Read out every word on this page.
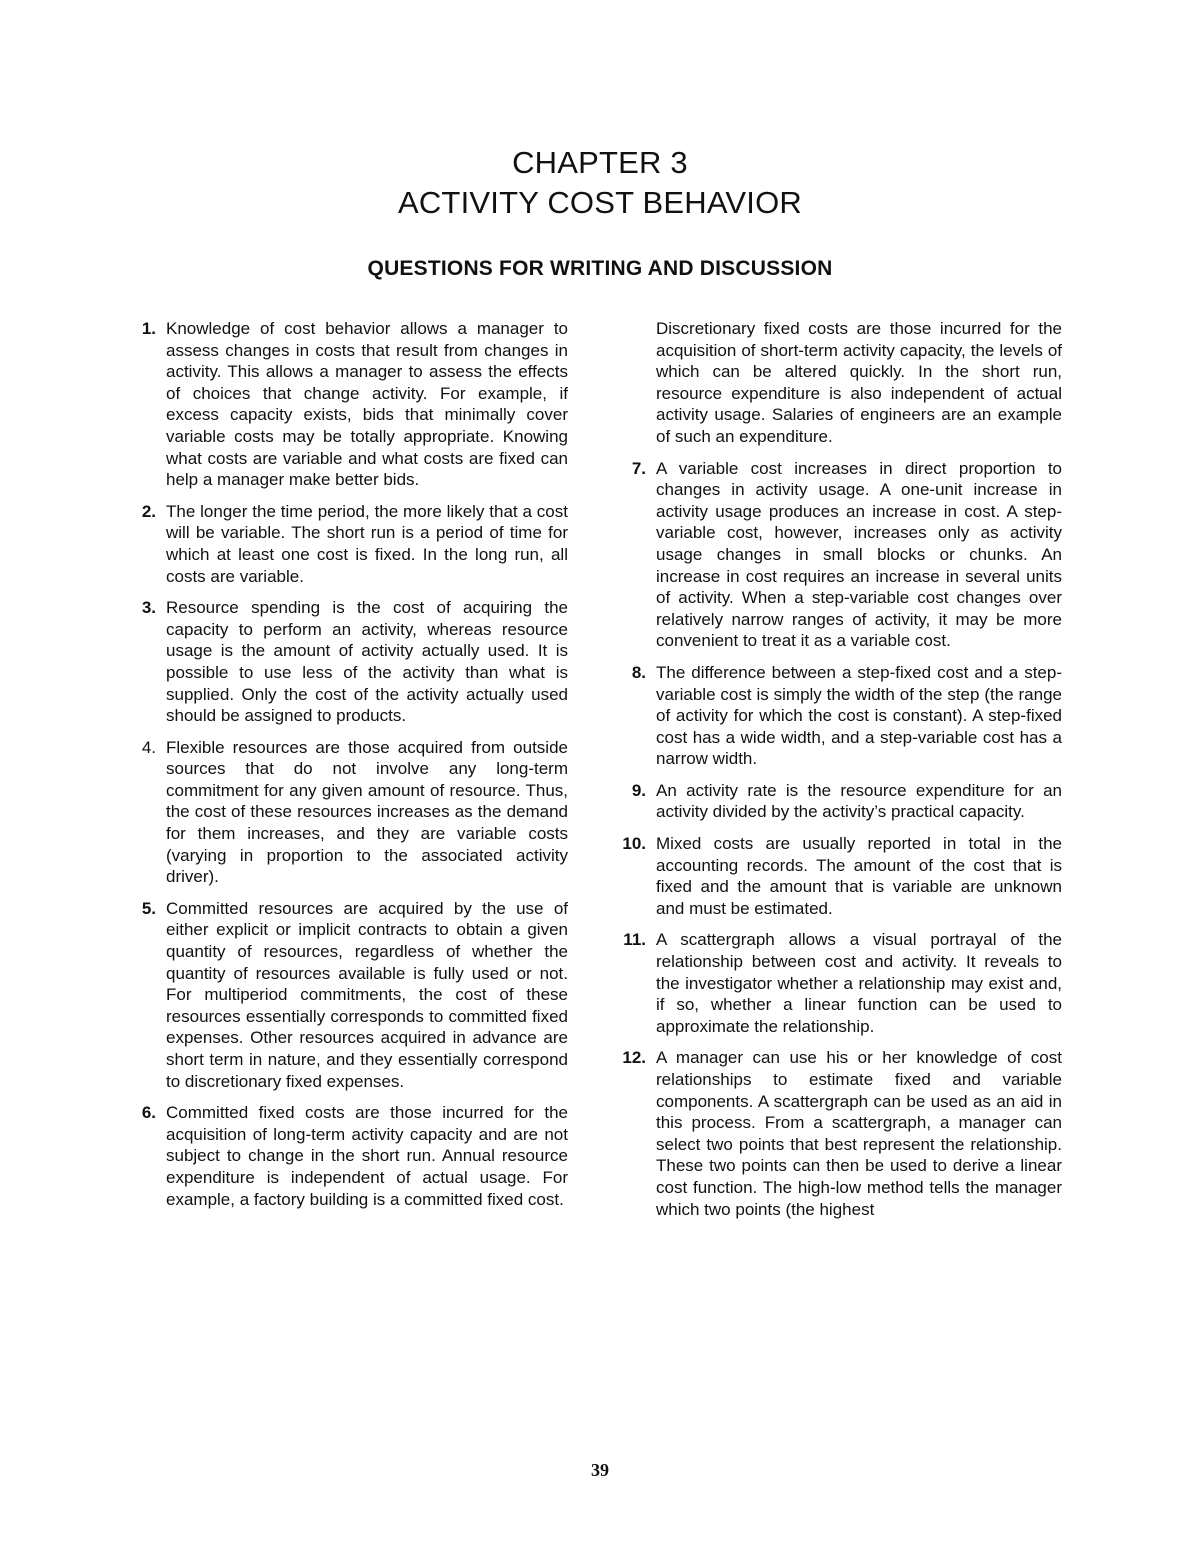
CHAPTER 3
ACTIVITY COST BEHAVIOR
QUESTIONS FOR WRITING AND DISCUSSION
1. Knowledge of cost behavior allows a manager to assess changes in costs that result from changes in activity. This allows a manager to assess the effects of choices that change activity. For example, if excess capacity exists, bids that minimally cover variable costs may be totally appropriate. Knowing what costs are variable and what costs are fixed can help a manager make better bids.
2. The longer the time period, the more likely that a cost will be variable. The short run is a period of time for which at least one cost is fixed. In the long run, all costs are variable.
3. Resource spending is the cost of acquiring the capacity to perform an activity, whereas resource usage is the amount of activity actually used. It is possible to use less of the activity than what is supplied. Only the cost of the activity actually used should be assigned to products.
4. Flexible resources are those acquired from outside sources that do not involve any long-term commitment for any given amount of resource. Thus, the cost of these resources increases as the demand for them increases, and they are variable costs (varying in proportion to the associated activity driver).
5. Committed resources are acquired by the use of either explicit or implicit contracts to obtain a given quantity of resources, regardless of whether the quantity of resources available is fully used or not. For multiperiod commitments, the cost of these resources essentially corresponds to committed fixed expenses. Other resources acquired in advance are short term in nature, and they essentially correspond to discretionary fixed expenses.
6. Committed fixed costs are those incurred for the acquisition of long-term activity capacity and are not subject to change in the short run. Annual resource expenditure is independent of actual usage. For example, a factory building is a committed fixed cost.
Discretionary fixed costs are those incurred for the acquisition of short-term activity capacity, the levels of which can be altered quickly. In the short run, resource expenditure is also independent of actual activity usage. Salaries of engineers are an example of such an expenditure.
7. A variable cost increases in direct proportion to changes in activity usage. A one-unit increase in activity usage produces an increase in cost. A step-variable cost, however, increases only as activity usage changes in small blocks or chunks. An increase in cost requires an increase in several units of activity. When a step-variable cost changes over relatively narrow ranges of activity, it may be more convenient to treat it as a variable cost.
8. The difference between a step-fixed cost and a step-variable cost is simply the width of the step (the range of activity for which the cost is constant). A step-fixed cost has a wide width, and a step-variable cost has a narrow width.
9. An activity rate is the resource expenditure for an activity divided by the activity’s practical capacity.
10. Mixed costs are usually reported in total in the accounting records. The amount of the cost that is fixed and the amount that is variable are unknown and must be estimated.
11. A scattergraph allows a visual portrayal of the relationship between cost and activity. It reveals to the investigator whether a relationship may exist and, if so, whether a linear function can be used to approximate the relationship.
12. A manager can use his or her knowledge of cost relationships to estimate fixed and variable components. A scattergraph can be used as an aid in this process. From a scattergraph, a manager can select two points that best represent the relationship. These two points can then be used to derive a linear cost function. The high-low method tells the manager which two points (the highest
39
